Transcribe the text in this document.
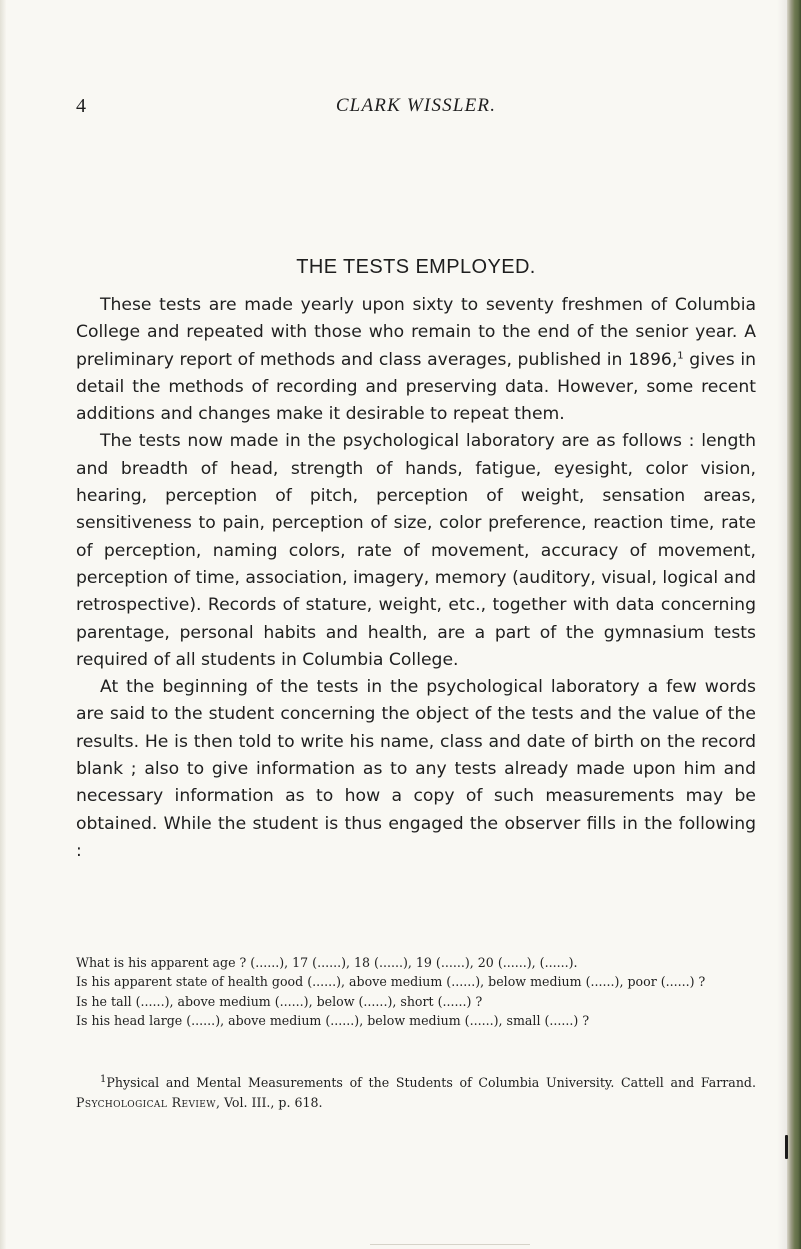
4	CLARK WISSLER.
THE TESTS EMPLOYED.

These tests are made yearly upon sixty to seventy freshmen of Columbia College and repeated with those who remain to the end of the senior year. A preliminary report of methods and class averages, published in 1896,$^1$ gives in detail the methods of recording and preserving data. However, some recent additions and changes make it desirable to repeat them.

The tests now made in the psychological laboratory are as follows : length and breadth of head, strength of hands, fatigue, eyesight, color vision, hearing, perception of pitch, perception of weight, sensation areas, sensitiveness to pain, perception of size, color preference, reaction time, rate of perception, naming colors, rate of movement, accuracy of movement, perception of time, association, imagery, memory (auditory, visual, logical and retrospective). Records of stature, weight, etc., together with data concerning parentage, personal habits and health, are a part of the gymnasium tests required of all students in Columbia College.

At the beginning of the tests in the psychological laboratory a few words are said to the student concerning the object of the tests and the value of the results. He is then told to write his name, class and date of birth on the record blank ; also to give information as to any tests already made upon him and necessary information as to how a copy of such measurements may be obtained. While the student is thus engaged the observer fills in the following :

What is his apparent age ? (......), 17 (......), 18 (......), 19 (......), 20 (......), (......).

Is his apparent state of health good (......), above medium (......), below medium (......), poor (......) ?

Is he tall (......), above medium (......), below (......), short (......) ?

Is his head large (......), above medium (......), below medium (......), small (......) ?

$^1$Physical and Mental Measurements of the Students of Columbia University. Cattell and Farrand. Psychological Review, Vol. III., p. 618.
